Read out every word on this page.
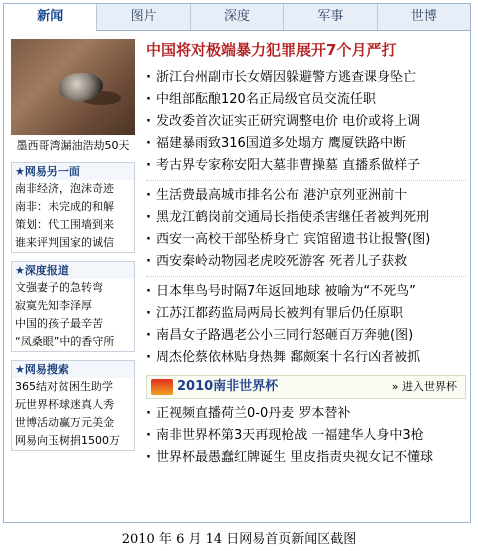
新闻	图片	深度	军事	世博
墨西哥湾漏油浩劫50天
★网易另一面
南非经济，泡沫奇迹
南非：未完成的和解
策划：代工围墙到来
谁来评判国家的诚信
★深度报道
文强妻子的急转弯
寂寞先知李泽厚
中国的孩子最辛苦
“凤桑眼”中的香守所
★网易搜索
365结对贫困生助学
玩世界杯球迷真人秀
世博活动赢万元美金
网易向玉树捐1500万
中国将对极端暴力犯罪展开7个月严打
· 浙江台州副市长女婿因躲避警方逃查课身坠亡
· 中组部酝酿120名正局级官员交流任职
· 发改委首次证实正研究调整电价 电价或将上调
· 福建暴雨致316国道多处塌方 鹰厦铁路中断
· 考古界专家称安阳大墓非曹操墓 直播系做样子
· 生活费最高城市排名公布 港沪京列亚洲前十
· 黑龙江鹤岗前交通局长指使杀害继任者被判死刑
· 西安一高校干部坠桥身亡 宾馆留遗书让报警(图)
· 西安秦岭动物园老虎咬死游客 死者儿子获救
· 日本隼鸟号时隔7年返回地球 被喻为“不死鸟”
· 江苏江都药监局两局长被判有罪后仍任原职
· 南昌女子路遇老公小三同行怒砸百万奔驰(图)
· 周杰伦蔡依林贴身热舞 鄱颇案十名行凶者被抓
2010南非世界杯	» 进入世界杯
· 正视频直播荷兰0-0丹麦 罗本替补
· 南非世界杯第3天再现枪战 一福建华人身中3枪
· 世界杯最愚蠢红牌诞生 里皮指责央视女记不懂球
2010 年 6 月 14 日网易首页新闻区截图
